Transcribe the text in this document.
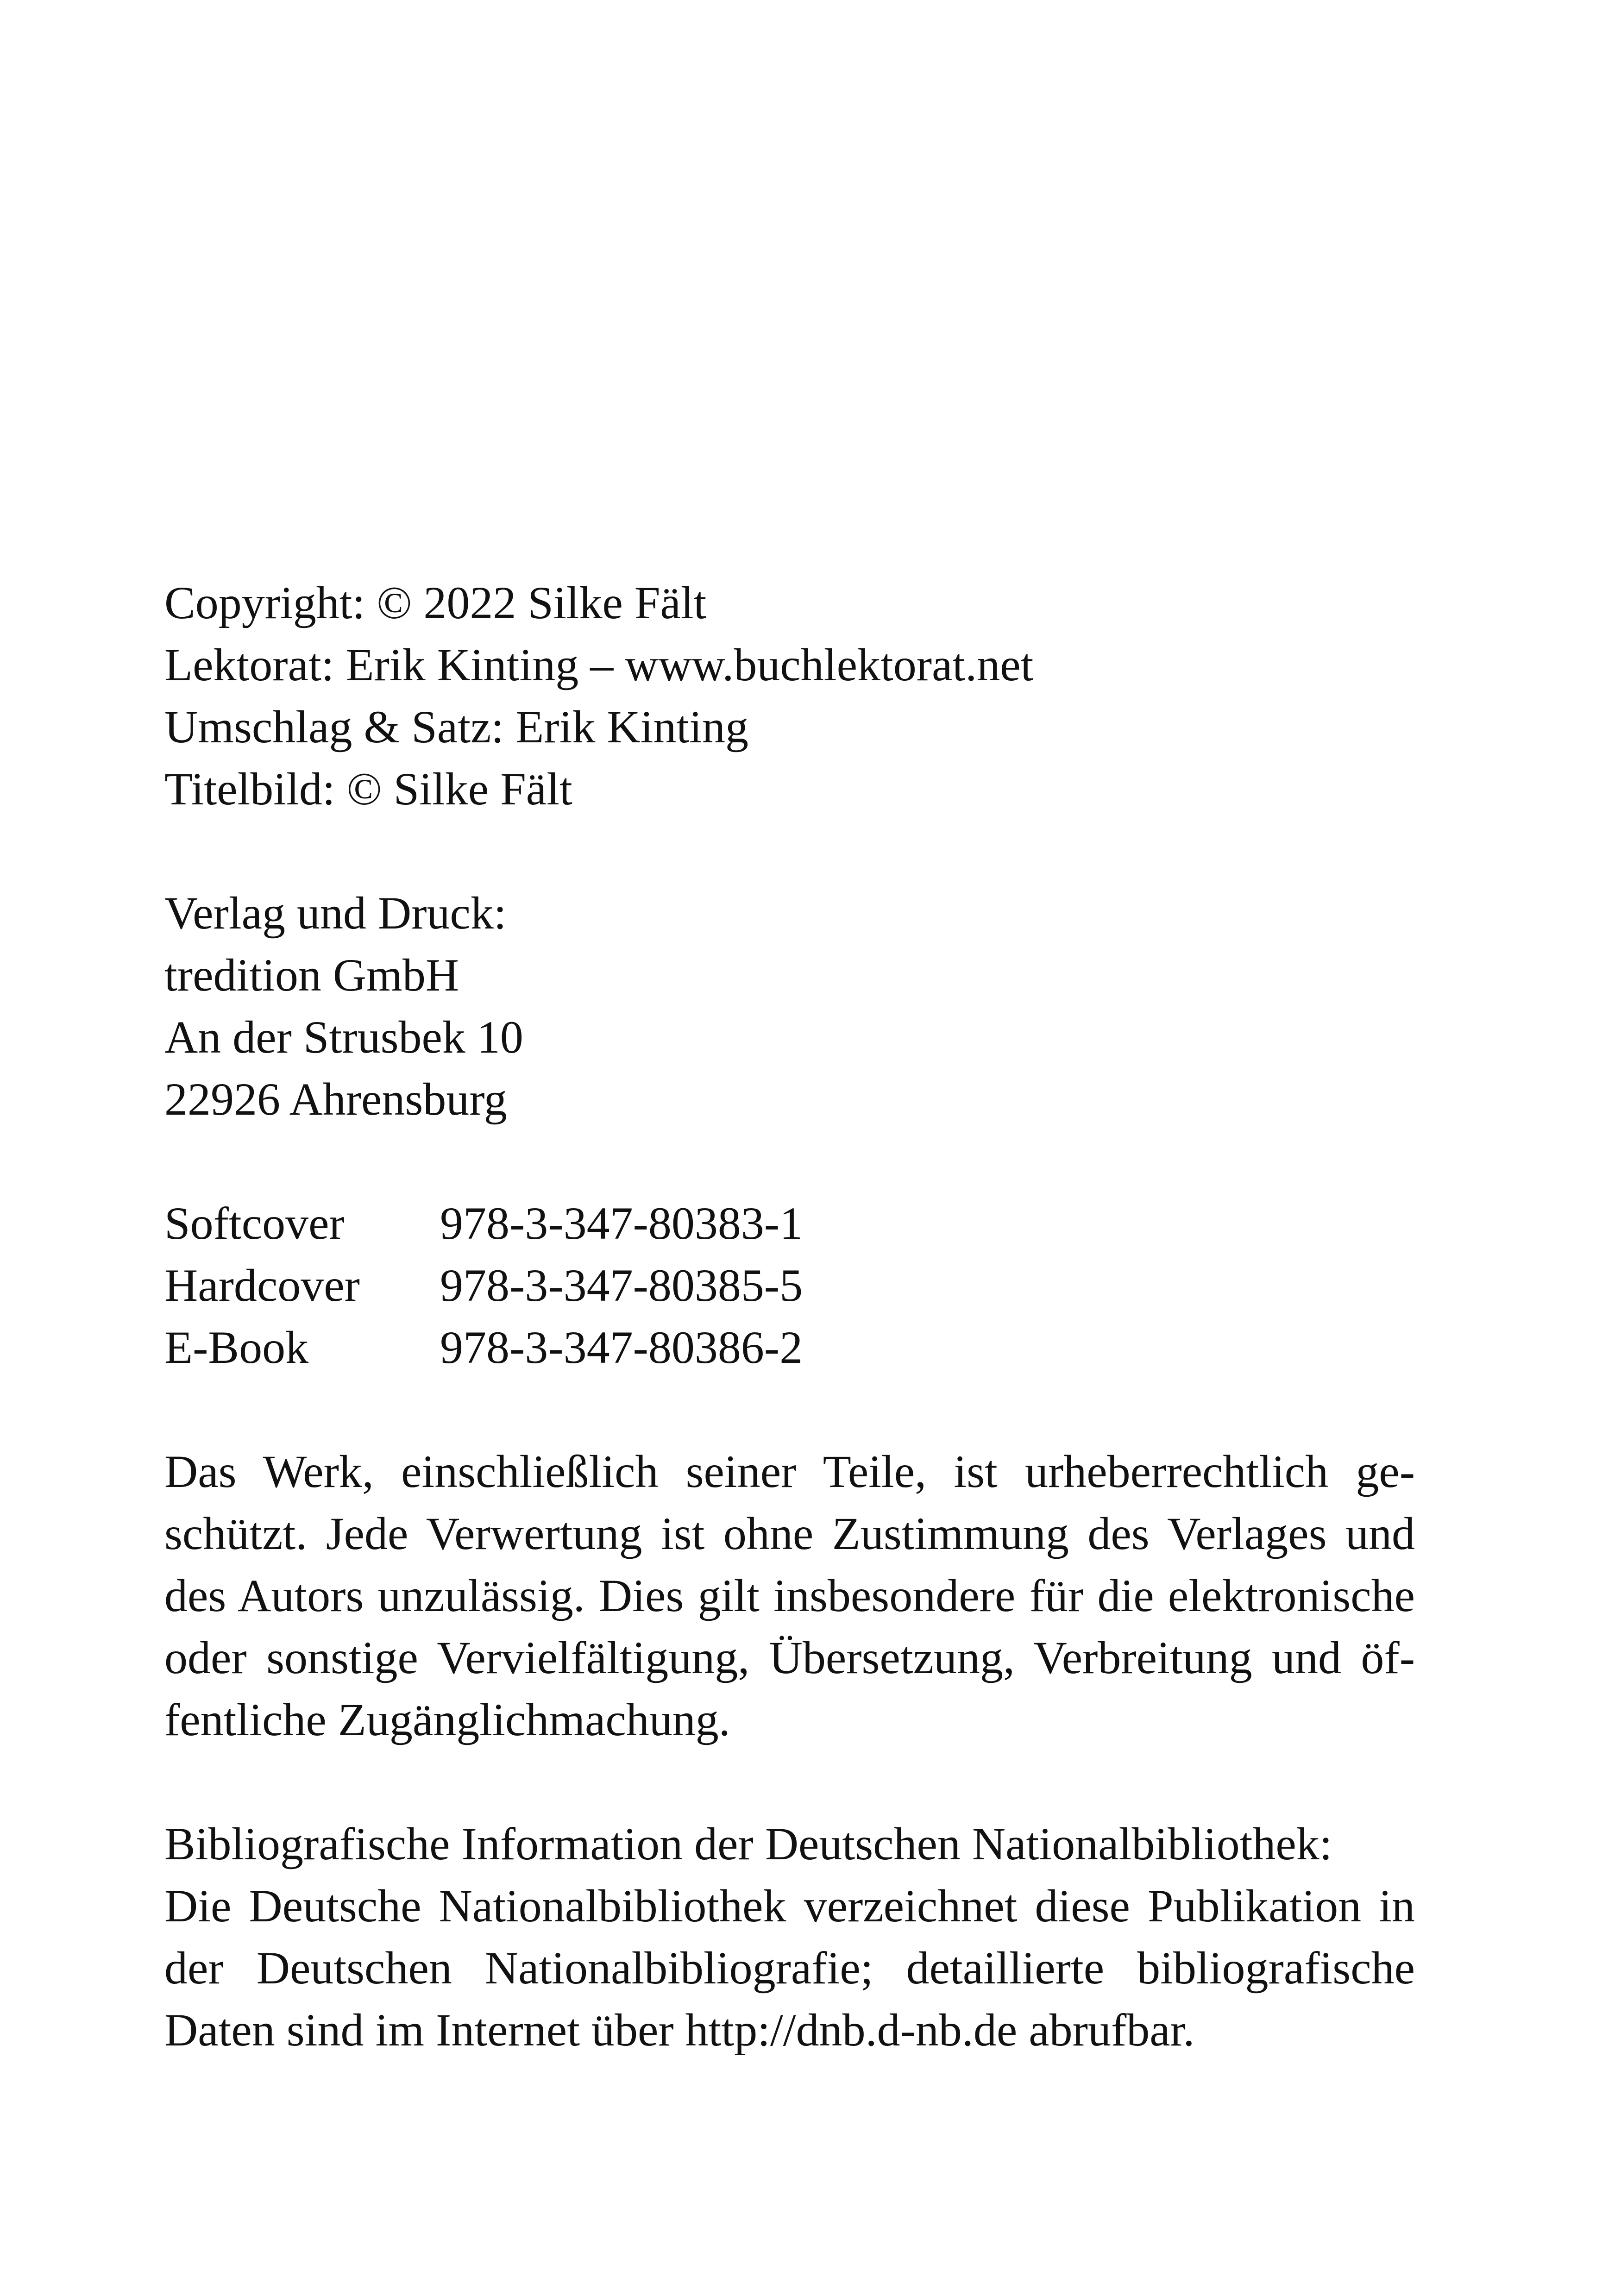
Copyright: © 2022 Silke Fält
Lektorat: Erik Kinting – www.buchlektorat.net
Umschlag & Satz: Erik Kinting
Titelbild: © Silke Fält
Verlag und Druck:
tredition GmbH
An der Strusbek 10
22926 Ahrensburg
Softcover	978-3-347-80383-1
Hardcover	978-3-347-80385-5
E-Book	978-3-347-80386-2

Das Werk, einschließlich seiner Teile, ist urheberrechtlich ge-schützt. Jede Verwertung ist ohne Zustimmung des Verlages und des Autors unzulässig. Dies gilt insbesondere für die elektronische oder sonstige Vervielfältigung, Übersetzung, Verbreitung und öf-fentliche Zugänglichmachung.

Bibliografische Information der Deutschen Nationalbibliothek:

Die Deutsche Nationalbibliothek verzeichnet diese Publikation in der Deutschen Nationalbibliografie; detaillierte bibliografische Daten sind im Internet über http://dnb.d-nb.de abrufbar.
